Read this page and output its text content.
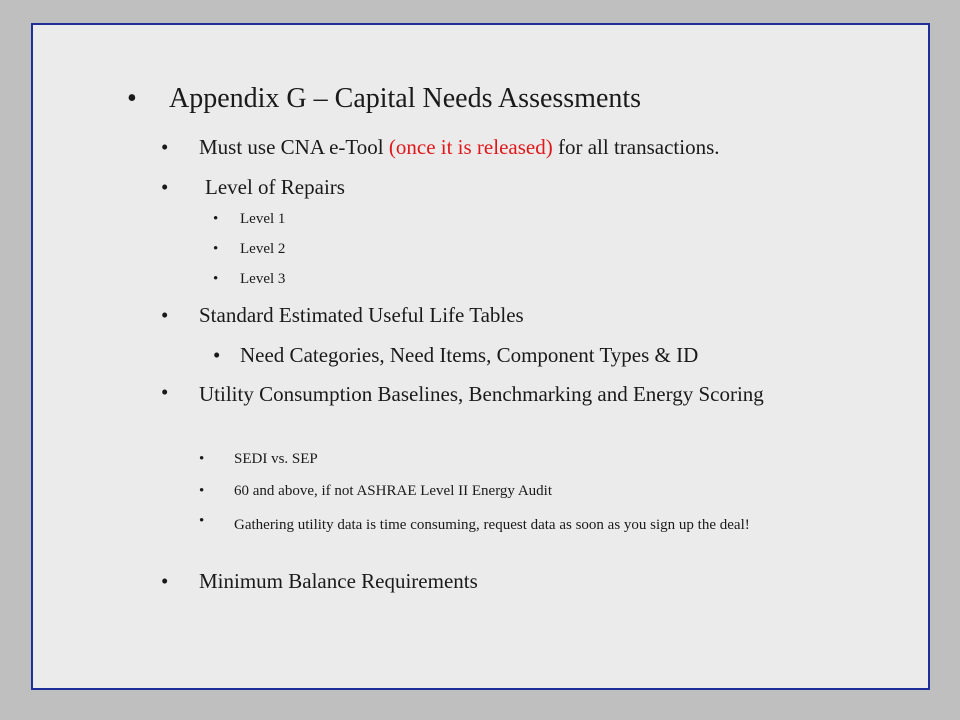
• Appendix G – Capital Needs Assessments
• Must use CNA e-Tool (once it is released) for all transactions.
• Level of Repairs
• Level 1
• Level 2
• Level 3
• Standard Estimated Useful Life Tables
• Need Categories, Need Items, Component Types & ID
• Utility Consumption Baselines, Benchmarking and Energy Scoring
• SEDI vs. SEP
• 60 and above, if not ASHRAE Level II Energy Audit
• Gathering utility data is time consuming, request data as soon as you sign up the deal!
• Minimum Balance Requirements
